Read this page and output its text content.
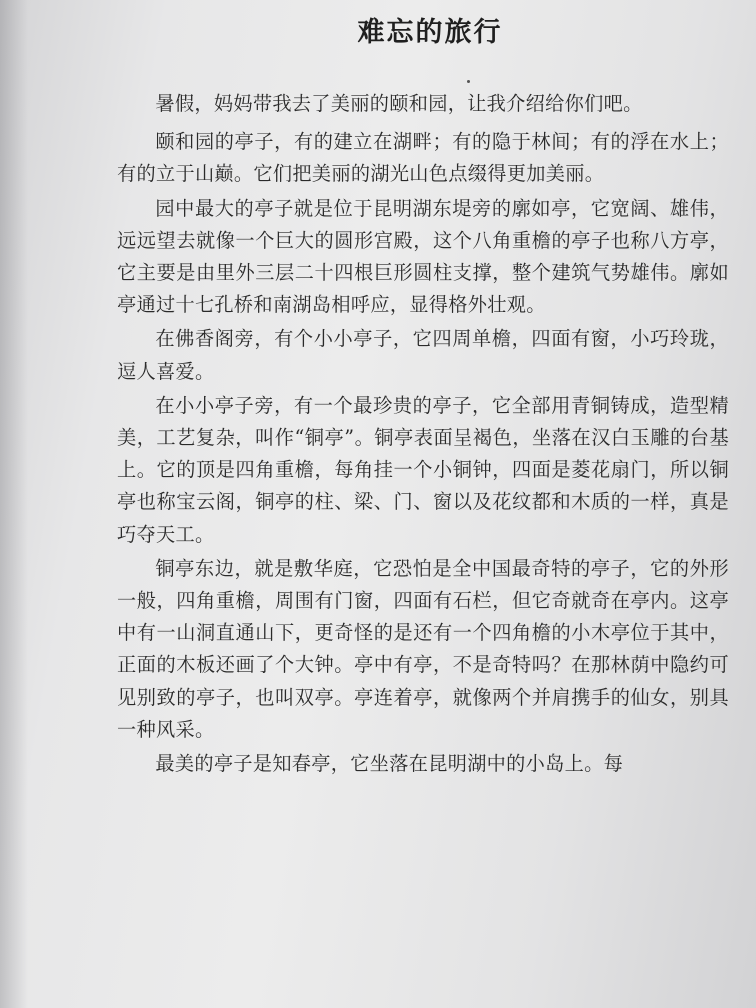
难忘的旅行

暑假，妈妈带我去了美丽的颐和园，让我介绍给你们吧。

颐和园的亭子，有的建立在湖畔；有的隐于林间；有的浮在水上；有的立于山巅。它们把美丽的湖光山色点缀得更加美丽。

园中最大的亭子就是位于昆明湖东堤旁的廓如亭，它宽阔、雄伟，远远望去就像一个巨大的圆形宫殿，这个八角重檐的亭子也称八方亭，它主要是由里外三层二十四根巨形圆柱支撑，整个建筑气势雄伟。廓如亭通过十七孔桥和南湖岛相呼应，显得格外壮观。

在佛香阁旁，有个小小亭子，它四周单檐，四面有窗，小巧玲珑，逗人喜爱。

在小小亭子旁，有一个最珍贵的亭子，它全部用青铜铸成，造型精美，工艺复杂，叫作“铜亭”。铜亭表面呈褐色，坐落在汉白玉雕的台基上。它的顶是四角重檐，每角挂一个小铜钟，四面是菱花扇门，所以铜亭也称宝云阁，铜亭的柱、梁、门、窗以及花纹都和木质的一样，真是巧夺天工。

铜亭东边，就是敷华庭，它恐怕是全中国最奇特的亭子，它的外形一般，四角重檐，周围有门窗，四面有石栏，但它奇就奇在亭内。这亭中有一山洞直通山下，更奇怪的是还有一个四角檐的小木亭位于其中，正面的木板还画了个大钟。亭中有亭，不是奇特吗？在那林荫中隐约可见别致的亭子，也叫双亭。亭连着亭，就像两个并肩携手的仙女，别具一种风采。

最美的亭子是知春亭，它坐落在昆明湖中的小岛上。每
